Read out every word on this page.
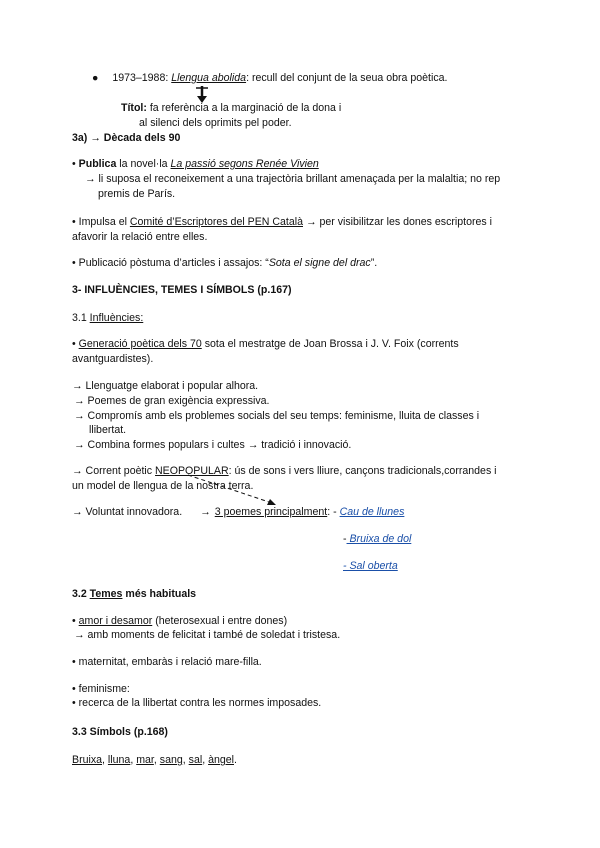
● 1973–1988: Llengua abolida: recull del conjunt de la seua obra poètica.
Títol: fa referència a la marginació de la dona i
al silenci dels oprimits pel poder.
3a) → Dècada dels 90
• Publica la novel·la La passió segons Renée Vivien
→ li suposa el reconeixement a una trajectòria brillant amenaçada per la malaltia; no rep
premis de París.
• Impulsa el Comité d’Escriptores del PEN Català → per visibilitzar les dones escriptores i
afavorir la relació entre elles.
• Publicació pòstuma d’articles i assajos: “Sota el signe del drac”.
3- INFLUÈNCIES, TEMES I SÍMBOLS (p.167)
3.1 Influències:
• Generació poètica dels 70 sota el mestratge de Joan Brossa i J. V. Foix (corrents
avantguardistes).
→ Llenguatge elaborat i popular alhora.
→ Poemes de gran exigència expressiva.
→ Compromís amb els problemes socials del seu temps: feminisme, lluita de classes i
llibertat.
→ Combina formes populars i cultes → tradició i innovació.
→ Corrent poètic NEOPOPULAR: ús de sons i vers lliure, cançons tradicionals,corrandes i
un model de llengua de la nostra terra.
→ Voluntat innovadora. → 3 poemes principalment: - Cau de llunes
- Bruixa de dol
- Sal oberta
3.2 Temes més habituals
• amor i desamor (heterosexual i entre dones)
→ amb moments de felicitat i també de soledat i tristesa.
• maternitat, embaràs i relació mare-filla.
• feminisme:
• recerca de la llibertat contra les normes imposades.
3.3 Símbols (p.168)
Bruixa, lluna, mar, sang, sal, àngel.
